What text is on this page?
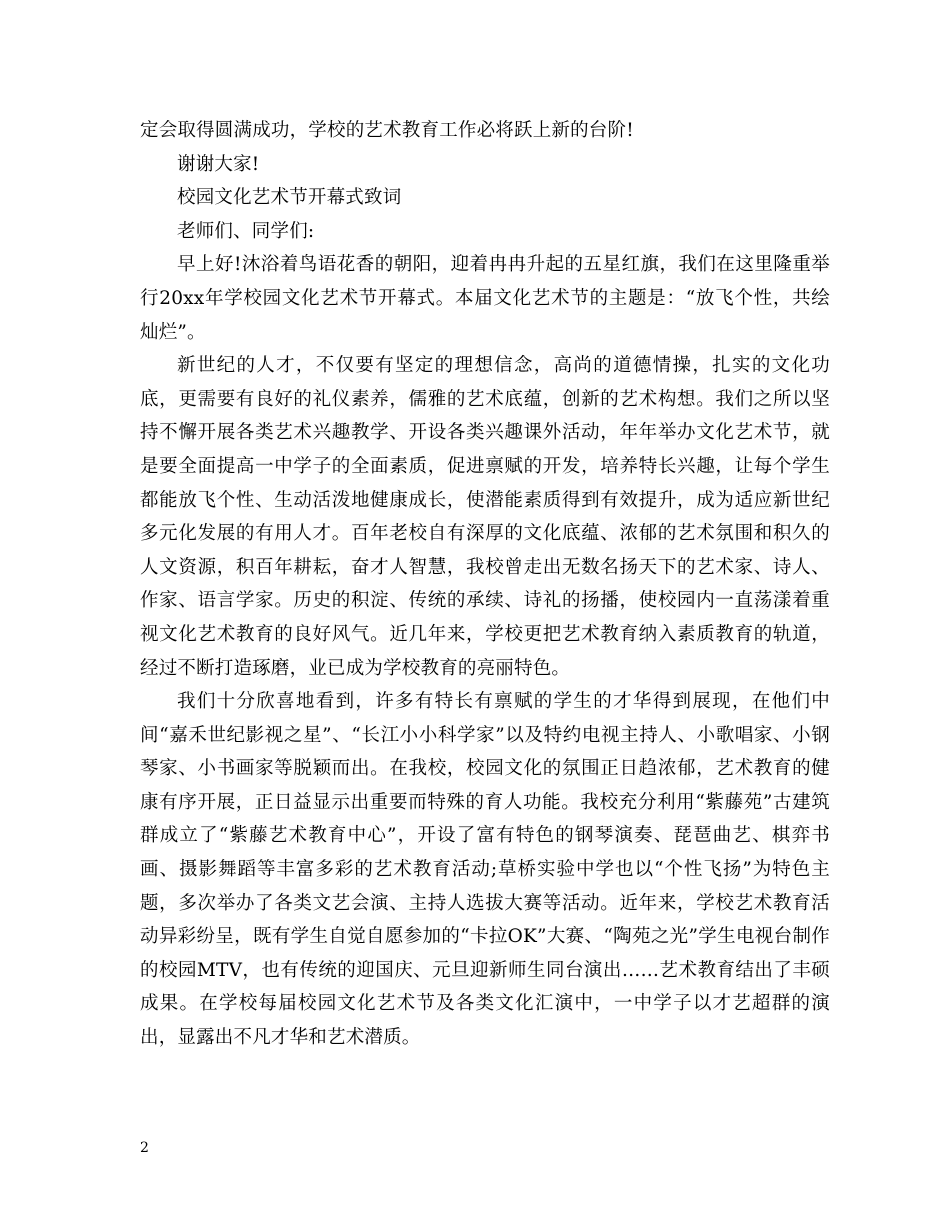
定会取得圆满成功，学校的艺术教育工作必将跃上新的台阶!

谢谢大家!

校园文化艺术节开幕式致词

老师们、同学们:

早上好!沐浴着鸟语花香的朝阳，迎着冉冉升起的五星红旗，我们在这里隆重举行20xx年学校园文化艺术节开幕式。本届文化艺术节的主题是：“放飞个性，共绘灿烂”。

新世纪的人才，不仅要有坚定的理想信念，高尚的道德情操，扎实的文化功底，更需要有良好的礼仪素养，儒雅的艺术底蕴，创新的艺术构想。我们之所以坚持不懈开展各类艺术兴趣教学、开设各类兴趣课外活动，年年举办文化艺术节，就是要全面提高一中学子的全面素质，促进禀赋的开发，培养特长兴趣，让每个学生都能放飞个性、生动活泼地健康成长，使潜能素质得到有效提升，成为适应新世纪多元化发展的有用人才。百年老校自有深厚的文化底蕴、浓郁的艺术氛围和积久的人文资源，积百年耕耘，奋才人智慧，我校曾走出无数名扬天下的艺术家、诗人、作家、语言学家。历史的积淀、传统的承续、诗礼的扬播，使校园内一直荡漾着重视文化艺术教育的良好风气。近几年来，学校更把艺术教育纳入素质教育的轨道，经过不断打造琢磨，业已成为学校教育的亮丽特色。

我们十分欣喜地看到，许多有特长有禀赋的学生的才华得到展现，在他们中间“嘉禾世纪影视之星”、“长江小小科学家”以及特约电视主持人、小歌唱家、小钢琴家、小书画家等脱颖而出。在我校，校园文化的氛围正日趋浓郁，艺术教育的健康有序开展，正日益显示出重要而特殊的育人功能。我校充分利用“紫藤苑”古建筑群成立了“紫藤艺术教育中心”，开设了富有特色的钢琴演奏、琵琶曲艺、棋弈书画、摄影舞蹈等丰富多彩的艺术教育活动;草桥实验中学也以“个性飞扬”为特色主题，多次举办了各类文艺会演、主持人选拔大赛等活动。近年来，学校艺术教育活动异彩纷呈，既有学生自觉自愿参加的“卡拉OK”大赛、“陶苑之光”学生电视台制作的校园MTV，也有传统的迎国庆、元旦迎新师生同台演出……艺术教育结出了丰硕成果。在学校每届校园文化艺术节及各类文化汇演中，一中学子以才艺超群的演出，显露出不凡才华和艺术潜质。

2
